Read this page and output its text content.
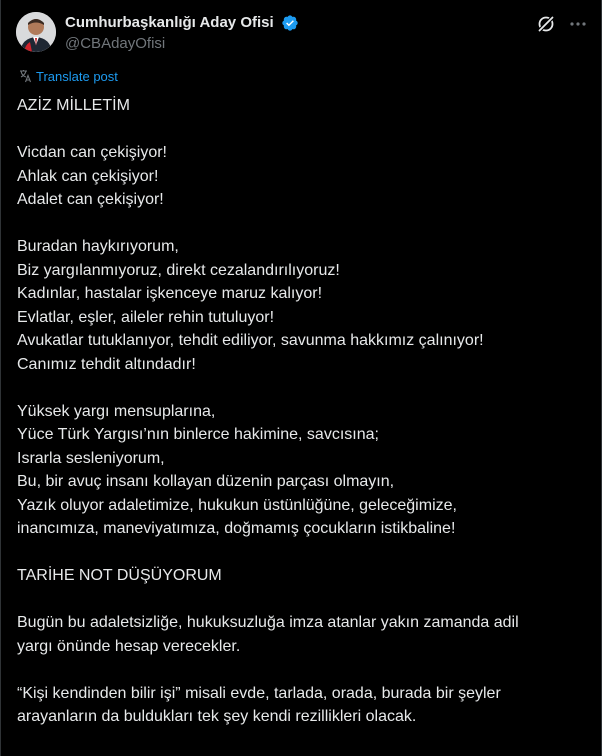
Cumhurbaşkanlığı Aday Ofisi
@CBAdayOfisi

Translate post

AZİZ MİLLETİM

Vicdan can çekişiyor!

Ahlak can çekişiyor!

Adalet can çekişiyor!

Buradan haykırıyorum,

Biz yargılanmıyoruz, direkt cezalandırılıyoruz!

Kadınlar, hastalar işkenceye maruz kalıyor!

Evlatlar, eşler, aileler rehin tutuluyor!

Avukatlar tutuklanıyor, tehdit ediliyor, savunma hakkımız çalınıyor!

Canımız tehdit altındadır!

Yüksek yargı mensuplarına,

Yüce Türk Yargısı’nın binlerce hakimine, savcısına;

Israrla sesleniyorum,

Bu, bir avuç insanı kollayan düzenin parçası olmayın,

Yazık oluyor adaletimize, hukukun üstünlüğüne, geleceğimize,

inancımıza, maneviyatımıza, doğmamış çocukların istikbaline!

TARİHE NOT DÜŞÜYORUM

Bugün bu adaletsizliğe, hukuksuzluğa imza atanlar yakın zamanda adil

yargı önünde hesap verecekler.

“Kişi kendinden bilir işi” misali evde, tarlada, orada, burada bir şeyler

arayanların da buldukları tek şey kendi rezillikleri olacak.
